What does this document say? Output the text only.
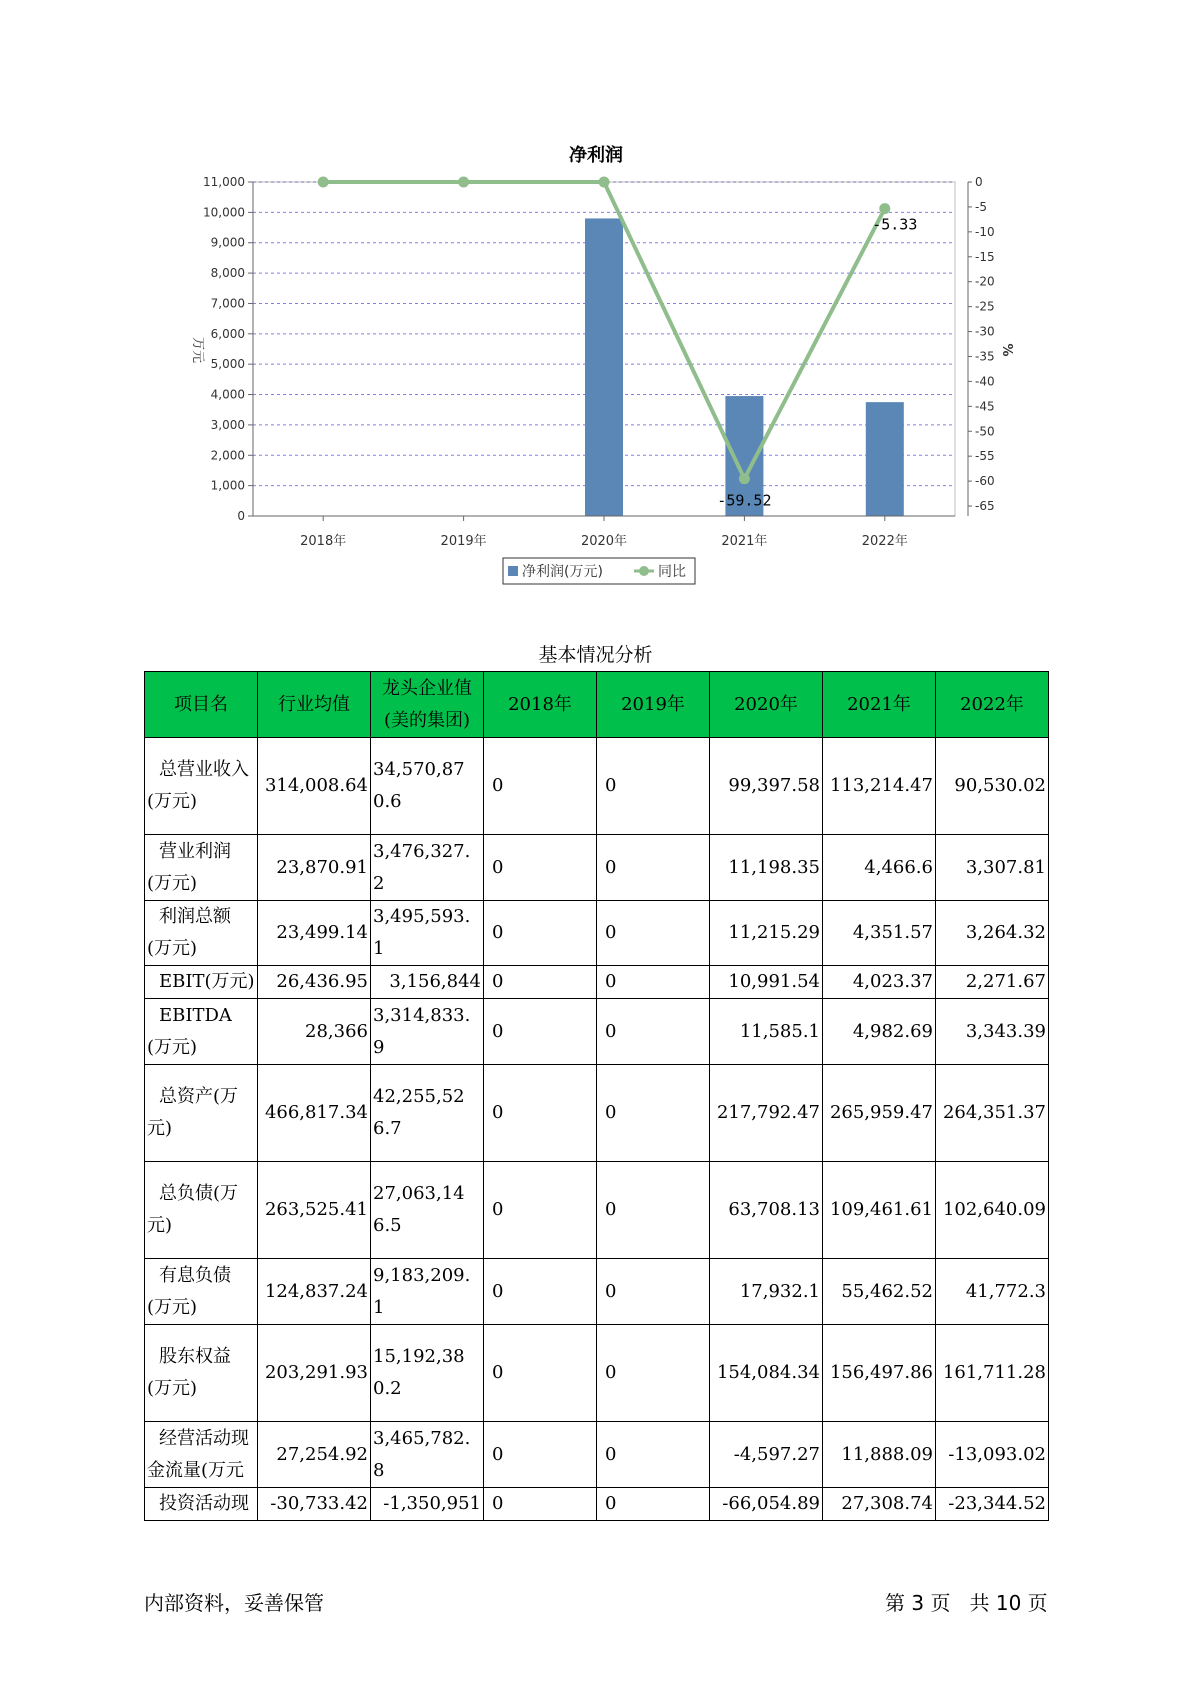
0
1,000
2,000
3,000
4,000
5,000
6,000
7,000
8,000
9,000
10,000
11,000	0
-5
-10
-15
-20
-25
-30
-35
-40
-45
-50
-55
-60
-65
2018年	2019年	2020年	2021年	2022年
-59.52
-5.33
净利润
万元	%
净利润(万元)	同比
基本情况分析
项目名	行业均值	龙头企业值(美的集团)	2018年	2019年	2020年	2021年	2022年
总营业收入(万元)	314,008.64	34,570,870.6	0	0	99,397.58	113,214.47	90,530.02
营业利润(万元)	23,870.91	3,476,327.2	0	0	11,198.35	4,466.6	3,307.81
利润总额(万元)	23,499.14	3,495,593.1	0	0	11,215.29	4,351.57	3,264.32
EBIT(万元)	26,436.95	3,156,844	0	0	10,991.54	4,023.37	2,271.67
EBITDA(万元)	28,366	3,314,833.9	0	0	11,585.1	4,982.69	3,343.39
总资产(万元)	466,817.34	42,255,526.7	0	0	217,792.47	265,959.47	264,351.37
总负债(万元)	263,525.41	27,063,146.5	0	0	63,708.13	109,461.61	102,640.09
有息负债(万元)	124,837.24	9,183,209.1	0	0	17,932.1	55,462.52	41,772.3
股东权益(万元)	203,291.93	15,192,380.2	0	0	154,084.34	156,497.86	161,711.28
经营活动现金流量(万元	27,254.92	3,465,782.8	0	0	-4,597.27	11,888.09	-13,093.02
投资活动现	-30,733.42	-1,350,951	0	0	-66,054.89	27,308.74	-23,344.52
内部资料，妥善保管	第 3 页   共 10 页
